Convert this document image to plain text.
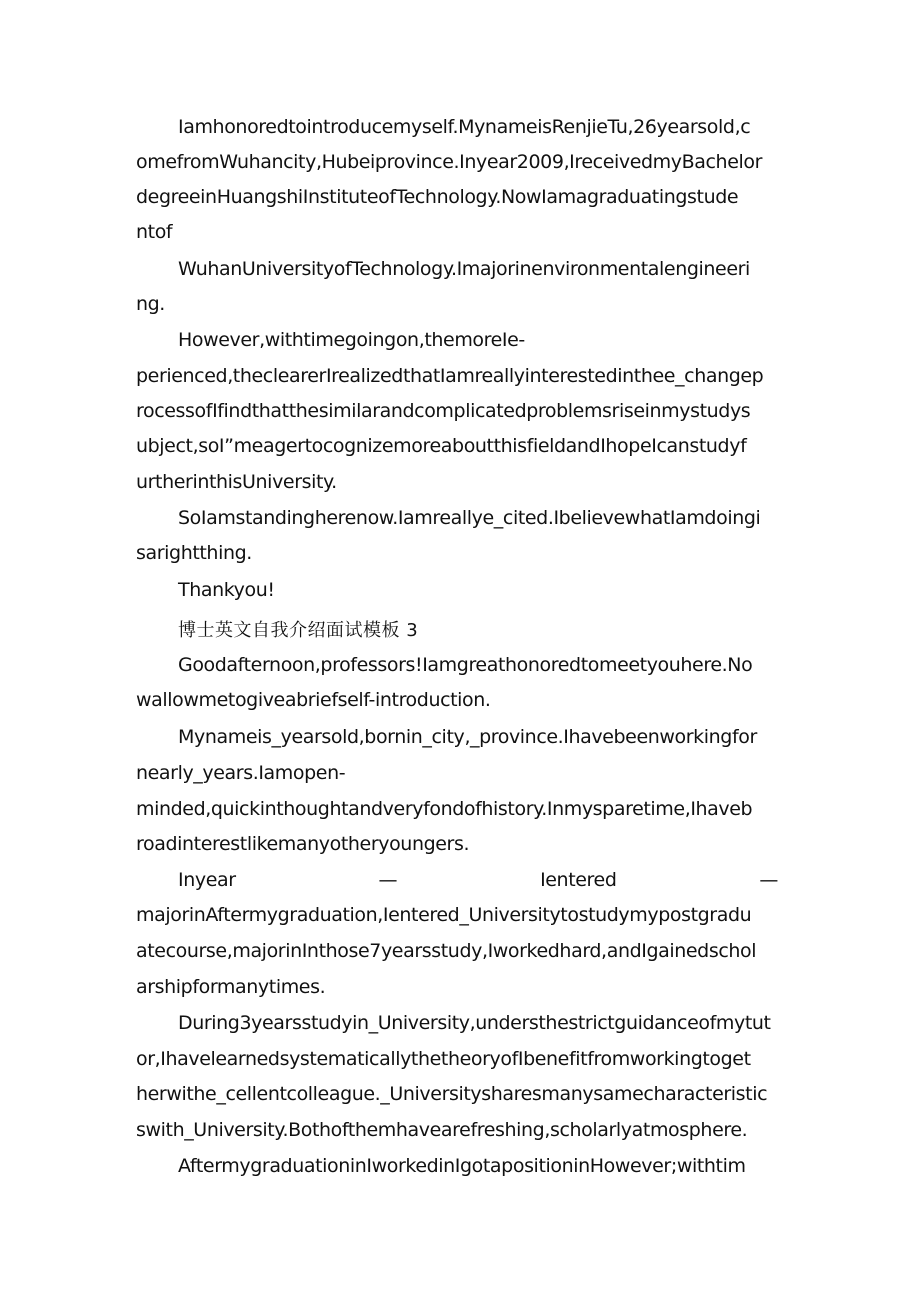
Iamhonoredtointroducemyself.MynameisRenjieTu,26yearsold‚c
omefromWuhancity‚Hubeiprovince.Inyear2009‚IreceivedmyBachelor
degreeinHuangshiInstituteofTechnology.NowIamagraduatingstude
ntof
WuhanUniversityofTechnology.Imajorinenvironmentalengineeri
ng.
However,withtimegoingon,themoreIe-
perienced‚theclearerIrealizedthatIamreallyinterestedinthee_changep
rocessofIfindthatthesimilarandcomplicatedproblemsriseinmystudys
ubject,soI”meagertocognizemoreaboutthisfieldandIhopeIcanstudyf
urtherinthisUniversity.
SoIamstandingherenow.Iamreallye_cited.IbelievewhatIamdoingi
sarightthing.
Thankyou!
博士英文自我介绍面试模板 3
Goodafternoon,professors!Iamgreathonoredtomeetyouhere.No
wallowmetogiveabriefself-introduction.
Mynameis_yearsold,bornin_city‚_province.Ihavebeenworkingfor
nearly_years.Iamopen-
minded,quickinthoughtandveryfondofhistory.Inmysparetime,Ihaveb
roadinterestlikemanyotheryoungers.
Inyear	—	Ientered	—
majorinAftermygraduation,Ientered_Universitytostudymypostgradu
atecourse,majorinInthose7yearsstudy,Iworkedhard,andIgainedschol
arshipformanytimes.
During3yearsstudyin_University,understhestrictguidanceofmytut
or,IhavelearnedsystematicallythetheoryofIbenefitfromworkingtoget
herwithe_cellentcolleague._Universitysharesmanysamecharacteristic
swith_University.Bothofthemhavearefreshing,scholarlyatmosphere.
AftermygraduationinIworkedinIgotapositioninHowever;withtim
